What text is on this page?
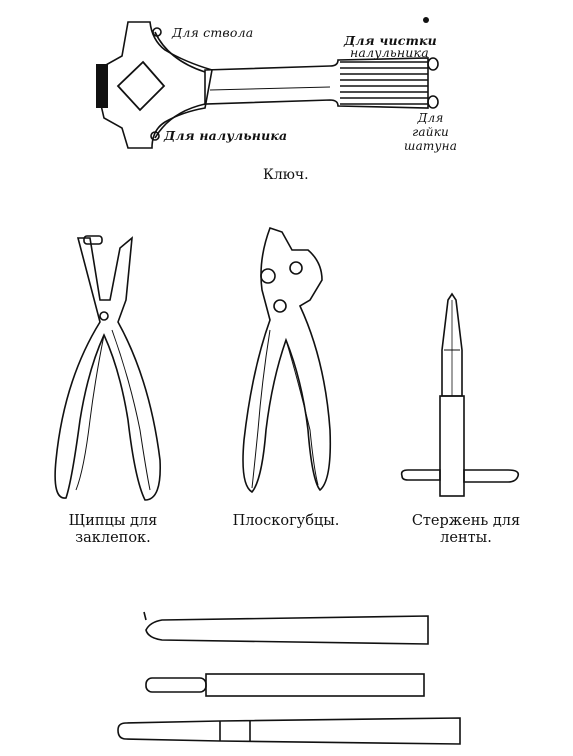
Для ствола
Для чистки
налульника
Для налульника
Для
гайки
шатуна
Ключ.
Щипцы для
заклепок.
Плоскогубцы.	Стержень для
ленты.
